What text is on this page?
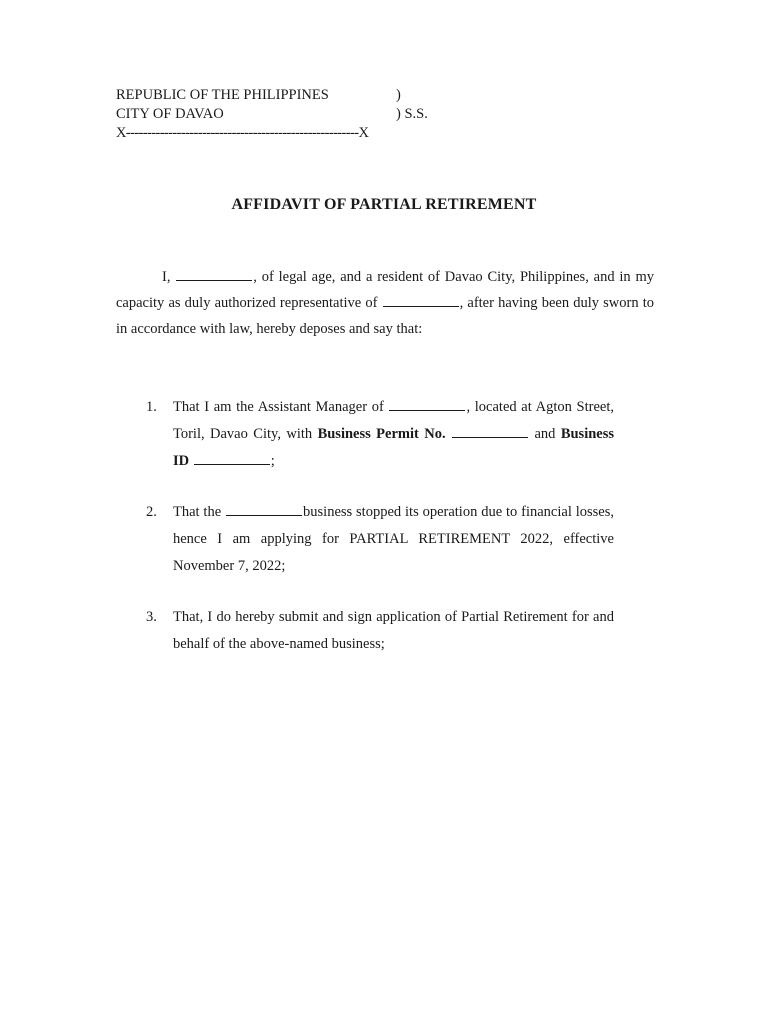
REPUBLIC OF THE PHILIPPINES	)
CITY OF DAVAO	) S.S.
X-------------------------------------------------------X
AFFIDAVIT OF PARTIAL RETIREMENT

I,	, of legal age, and a resident of Davao City, Philippines, and in my capacity as duly authorized representative of	, after having been duly sworn to in accordance with law, hereby deposes and say that:

1. That I am the Assistant Manager of	, located at Agton Street, Toril, Davao City, with Business Permit No.	and Business ID	;
2. That the	business stopped its operation due to financial losses, hence I am applying for PARTIAL RETIREMENT 2022, effective November 7, 2022;
3. That, I do hereby submit and sign application of Partial Retirement for and behalf of the above-named business;
